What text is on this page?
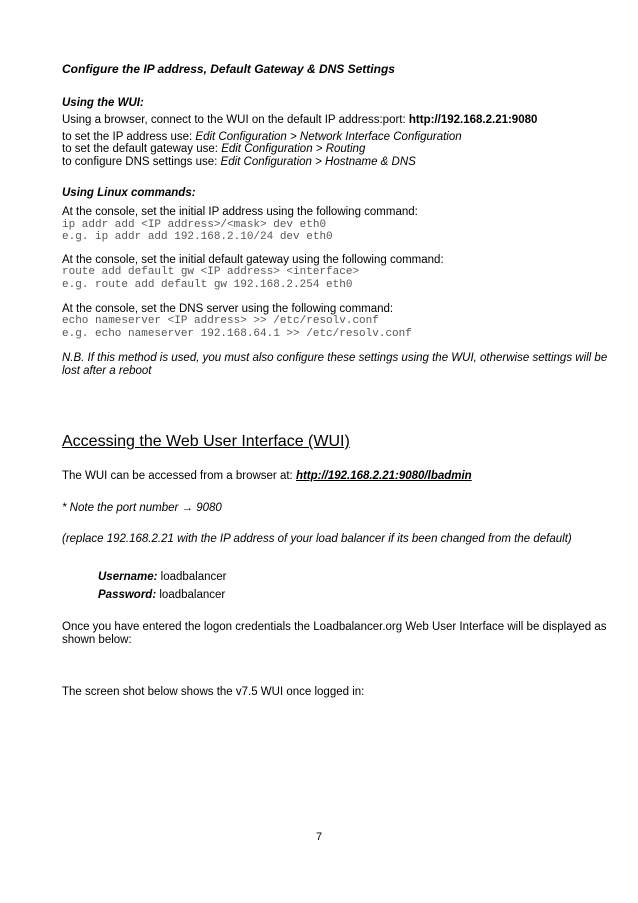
Configure the IP address, Default Gateway & DNS Settings
Using the WUI:
Using a browser, connect to the WUI on the default IP address:port: http://192.168.2.21:9080
to set the IP address use: Edit Configuration > Network Interface Configuration
to set the default gateway use: Edit Configuration > Routing
to configure DNS settings use: Edit Configuration > Hostname & DNS
Using Linux commands:
At the console, set the initial IP address using the following command:
ip addr add <IP address>/<mask> dev eth0
e.g. ip addr add 192.168.2.10/24 dev eth0
At the console, set the initial default gateway using the following command:
route add default gw <IP address> <interface>
e.g. route add default gw 192.168.2.254 eth0
At the console, set the DNS server using the following command:
echo nameserver <IP address> >> /etc/resolv.conf
e.g. echo nameserver 192.168.64.1 >> /etc/resolv.conf
N.B. If this method is used, you must also configure these settings using the WUI, otherwise settings will be
lost after a reboot
Accessing the Web User Interface (WUI)
The WUI can be accessed from a browser at: http://192.168.2.21:9080/lbadmin
* Note the port number → 9080
(replace 192.168.2.21 with the IP address of your load balancer if its been changed from the default)
Username: loadbalancer
Password: loadbalancer
Once you have entered the logon credentials the Loadbalancer.org Web User Interface will be displayed as
shown below:
The screen shot below shows the v7.5 WUI once logged in:
7
